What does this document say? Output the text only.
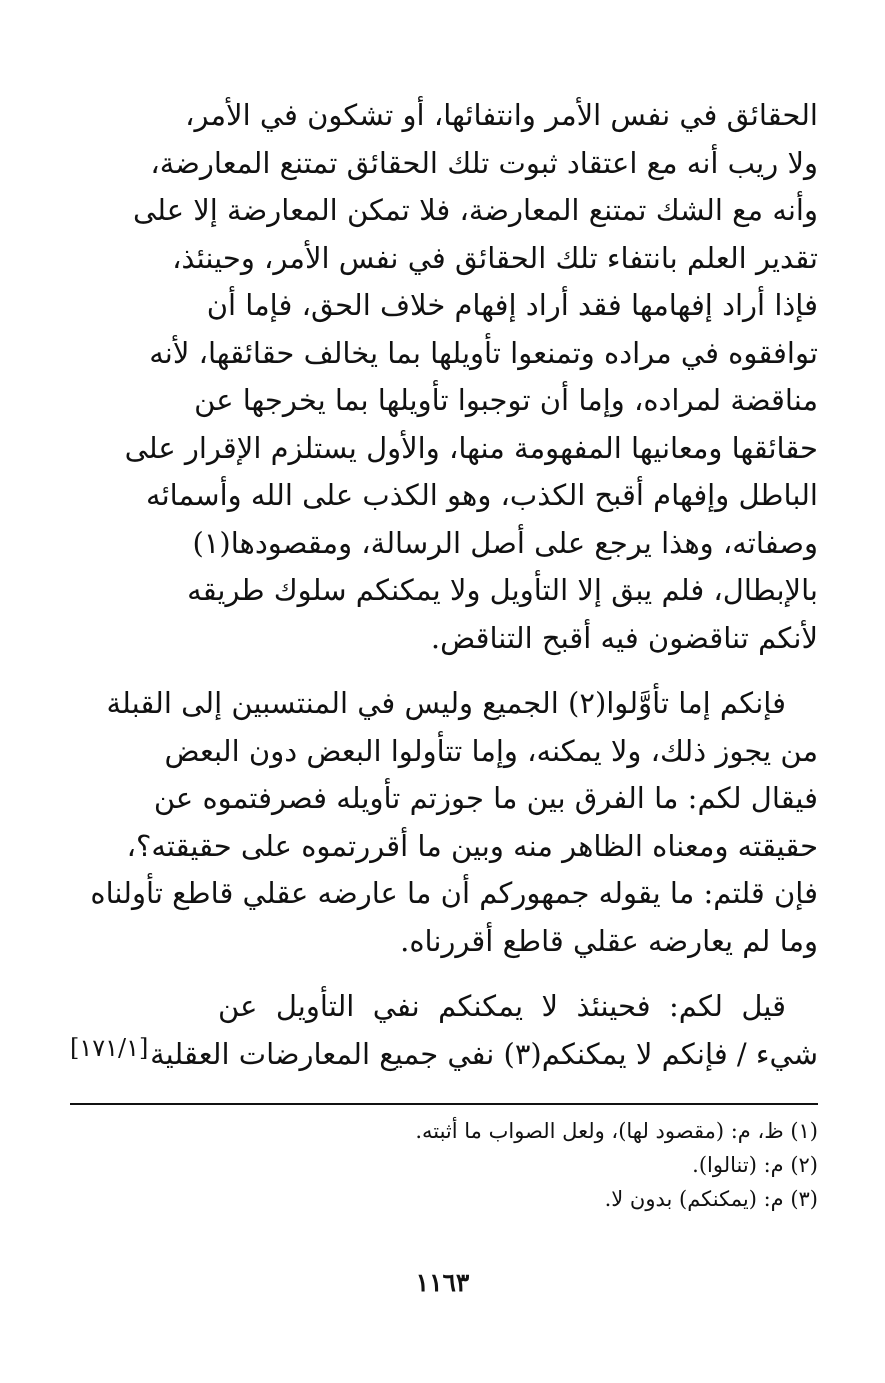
الحقائق في نفس الأمر وانتفائها، أو تشكون في الأمر،
ولا ريب أنه مع اعتقاد ثبوت تلك الحقائق تمتنع المعارضة،
وأنه مع الشك تمتنع المعارضة، فلا تمكن المعارضة إلا على
تقدير العلم بانتفاء تلك الحقائق في نفس الأمر، وحينئذ،
فإذا أراد إفهامها فقد أراد إفهام خلاف الحق، فإما أن
توافقوه في مراده وتمنعوا تأويلها بما يخالف حقائقها، لأنه
مناقضة لمراده، وإما أن توجبوا تأويلها بما يخرجها عن
حقائقها ومعانيها المفهومة منها، والأول يستلزم الإقرار على
الباطل وإفهام أقبح الكذب، وهو الكذب على الله وأسمائه
وصفاته، وهذا يرجع على أصل الرسالة، ومقصودها(١)
بالإبطال، فلم يبق إلا التأويل ولا يمكنكم سلوك طريقه
لأنكم تناقضون فيه أقبح التناقض.
فإنكم إما تأوَّلوا(٢) الجميع وليس في المنتسبين إلى القبلة
من يجوز ذلك، ولا يمكنه، وإما تتأولوا البعض دون البعض
فيقال لكم: ما الفرق بين ما جوزتم تأويله فصرفتموه عن
حقيقته ومعناه الظاهر منه وبين ما أقررتموه على حقيقته؟،
فإن قلتم: ما يقوله جمهوركم أن ما عارضه عقلي قاطع تأولناه
وما لم يعارضه عقلي قاطع أقررناه.
قيل لكم: فحينئذ لا يمكنكم نفي التأويل عن
شيء / فإنكم لا يمكنكم(٣) نفي جميع المعارضات العقلية
[١٧١/١]
(١) ظ، م: (مقصود لها)، ولعل الصواب ما أثبته.
(٢) م: (تنالوا).
(٣) م: (يمكنكم) بدون لا.
١١٦٣
